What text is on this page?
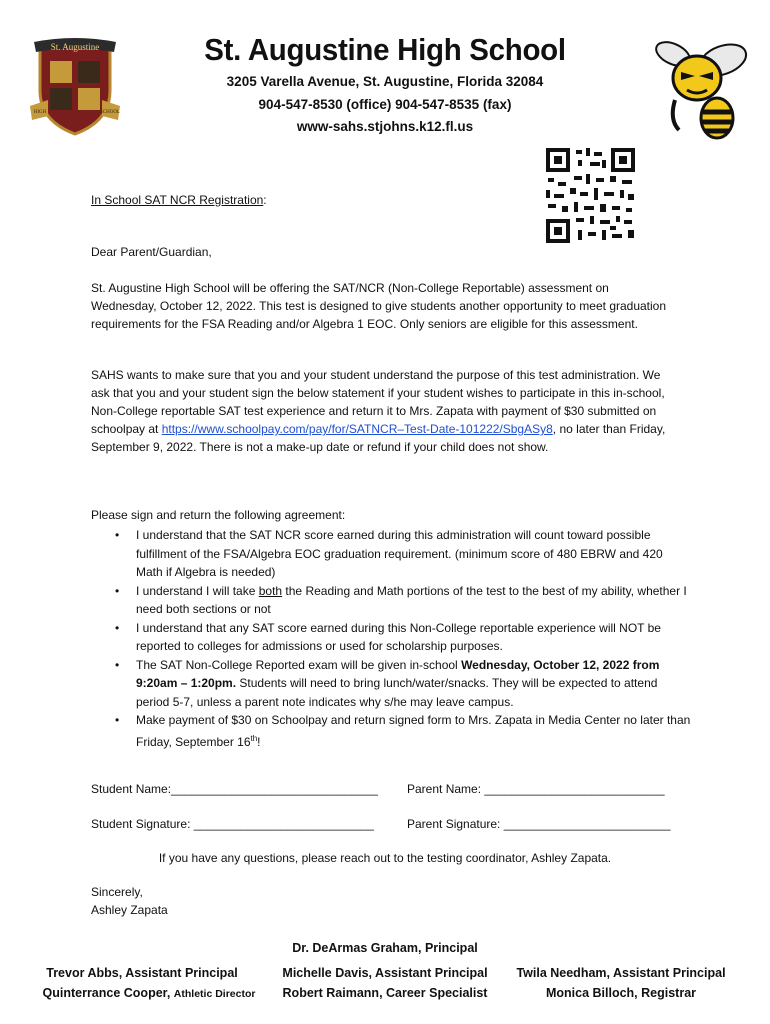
St. Augustine
HIGH	SCHOOL
St. Augustine High School
3205 Varella Avenue, St. Augustine, Florida 32084
904-547-8530 (office) 904-547-8535 (fax)
www-sahs.stjohns.k12.fl.us
In School SAT NCR Registration:
Dear Parent/Guardian,
St. Augustine High School will be offering the SAT/NCR (Non-College Reportable) assessment on Wednesday, October 12, 2022. This test is designed to give students another opportunity to meet graduation requirements for the FSA Reading and/or Algebra 1 EOC. Only seniors are eligible for this assessment.
SAHS wants to make sure that you and your student understand the purpose of this test administration. We ask that you and your student sign the below statement if your student wishes to participate in this in-school, Non-College reportable SAT test experience and return it to Mrs. Zapata with payment of $30 submitted on schoolpay at https://www.schoolpay.com/pay/for/SATNCR–Test-Date-101222/SbgASy8, no later than Friday, September 9, 2022. There is not a make-up date or refund if your child does not show.
Please sign and return the following agreement:
• I understand that the SAT NCR score earned during this administration will count toward possible fulfillment of the FSA/Algebra EOC graduation requirement. (minimum score of 480 EBRW and 420 Math if Algebra is needed)
• I understand I will take both the Reading and Math portions of the test to the best of my ability, whether I need both sections or not
• I understand that any SAT score earned during this Non-College reportable experience will NOT be reported to colleges for admissions or used for scholarship purposes.
• The SAT Non-College Reported exam will be given in-school Wednesday, October 12, 2022 from 9:20am – 1:20pm. Students will need to bring lunch/water/snacks. They will be expected to attend period 5-7, unless a parent note indicates why s/he may leave campus.
• Make payment of $30 on Schoolpay and return signed form to Mrs. Zapata in Media Center no later than Friday, September 16th!
Student Name:_______________________________ Parent Name: ___________________________
Student Signature: ___________________________	Parent Signature: _________________________
If you have any questions, please reach out to the testing coordinator, Ashley Zapata.
Sincerely,
Ashley Zapata
Dr. DeArmas Graham, Principal
Trevor Abbs, Assistant Principal
Quinterrance Cooper, Athletic Director
Michelle Davis, Assistant Principal
Robert Raimann, Career Specialist
Twila Needham, Assistant Principal
Monica Billoch, Registrar
